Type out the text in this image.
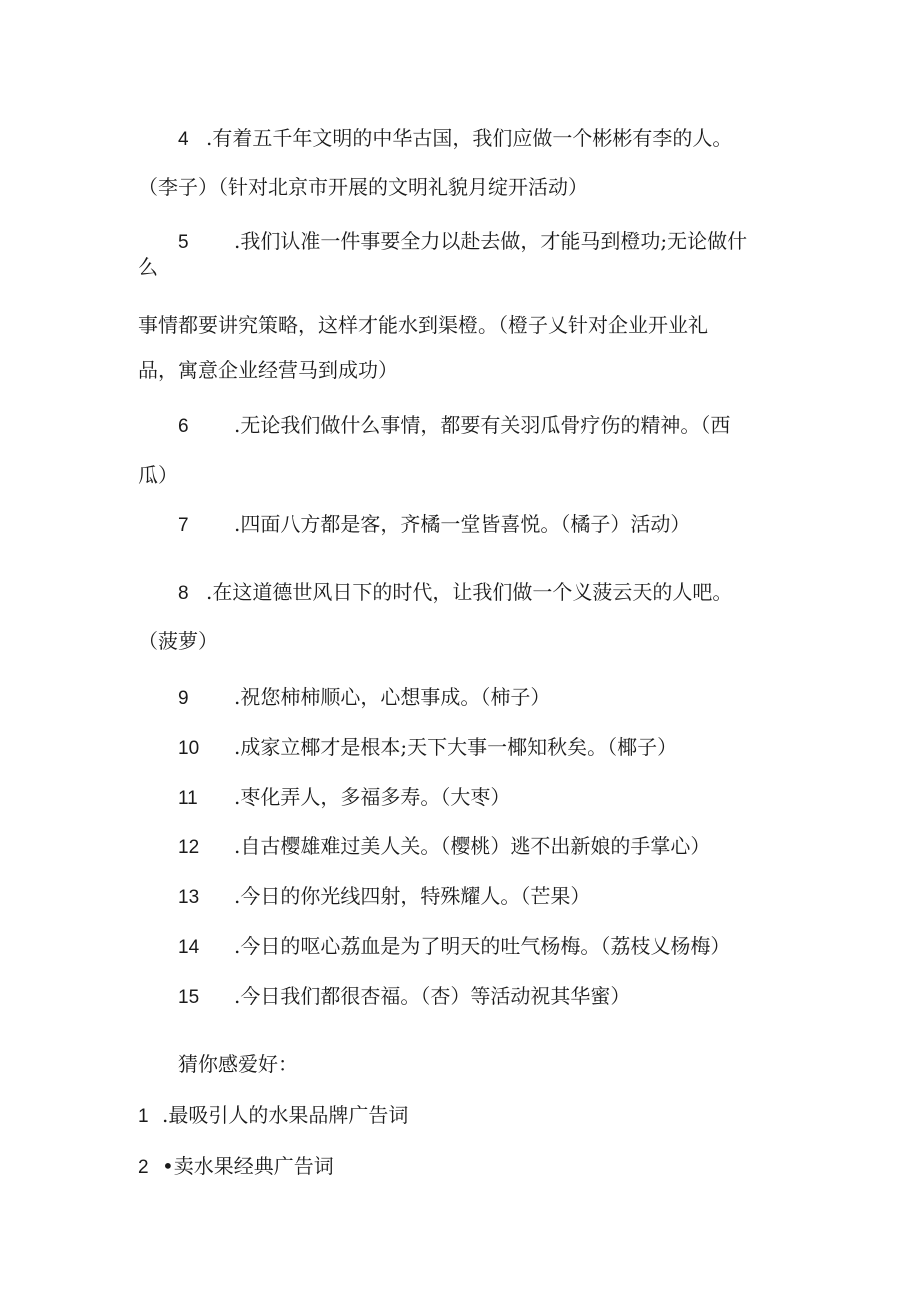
4 .有着五千年文明的中华古国，我们应做一个彬彬有李的人。
（李子）（针对北京市开展的文明礼貌月绽开活动）
5 .我们认准一件事要全力以赴去做，才能马到橙功;无论做什
么
事情都要讲究策略，这样才能水到渠橙。（橙子乂针对企业开业礼
品，寓意企业经营马到成功）
6 .无论我们做什么事情，都要有关羽瓜骨疗伤的精神。（西
瓜）
7 .四面八方都是客，齐橘一堂皆喜悦。（橘子）活动）
8 .在这道德世风日下的时代，让我们做一个义菠云天的人吧。
（菠萝）
9 .祝您柿柿顺心，心想事成。（柿子）
10 .成家立椰才是根本;天下大事一椰知秋矣。（椰子）
11 .枣化弄人，多福多寿。（大枣）
12 .自古樱雄难过美人关。（樱桃）逃不出新娘的手掌心）
13 .今日的你光线四射，特殊耀人。（芒果）
14 .今日的呕心荔血是为了明天的吐气杨梅。（荔枝乂杨梅）
15 .今日我们都很杏福。（杏）等活动祝其华蜜）
猜你感爱好：
1 .最吸引人的水果品牌广告词
2 •卖水果经典广告词
